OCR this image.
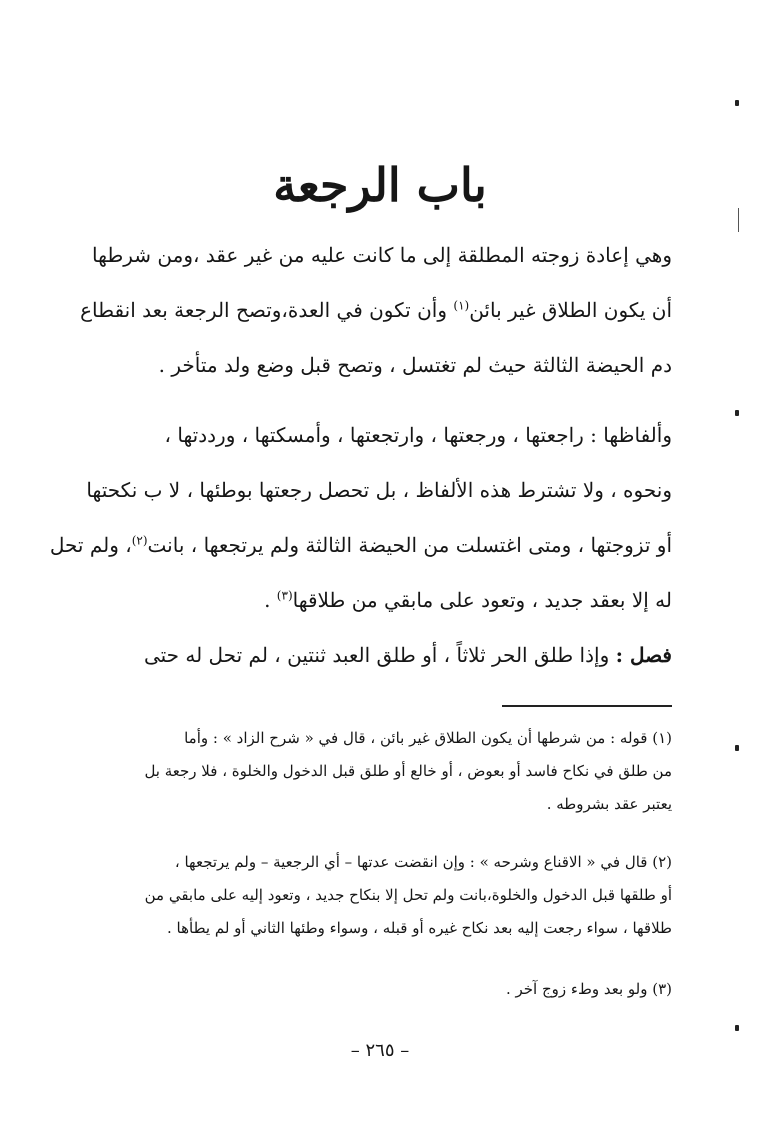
باب الرجعة
وهي إعادة زوجته المطلقة إلى ما كانت عليه من غير عقد ،ومن شرطها
أن يكون الطلاق غير بائن$^{(١)}$ وأن تكون في العدة،وتصح الرجعة بعد انقطاع
دم الحيضة الثالثة حيث لم تغتسل ، وتصح قبل وضع ولد متأخر .
وألفاظها : راجعتها ، ورجعتها ، وارتجعتها ، وأمسكتها ، ورددتها ،
ونحوه ، ولا تشترط هذه الألفاظ ، بل تحصل رجعتها بوطئها ، لا ب نكحتها
أو تزوجتها ، ومتى اغتسلت من الحيضة الثالثة ولم يرتجعها ، بانت$^{(٢)}$، ولم تحل
له إلا بعقد جديد ، وتعود على مابقي من طلاقها$^{(٣)}$ .
فصل : وإذا طلق الحر ثلاثاً ، أو طلق العبد ثنتين ، لم تحل له حتى
(١) قوله : من شرطها أن يكون الطلاق غير بائن ، قال في « شرح الزاد » : وأما
من طلق في نكاح فاسد أو بعوض ، أو خالع أو طلق قبل الدخول والخلوة ، فلا رجعة بل
يعتبر عقد بشروطه .
(٢) قال في « الاقناع وشرحه » : وإن انقضت عدتها – أي الرجعية – ولم يرتجعها ،
أو طلقها قبل الدخول والخلوة،بانت ولم تحل إلا بنكاح جديد ، وتعود إليه على مابقي من
طلاقها ، سواء رجعت إليه بعد نكاح غيره أو قبله ، وسواء وطئها الثاني أو لم يطأها .
(٣) ولو بعد وطء زوج آخر .
– ٢٦٥ –
